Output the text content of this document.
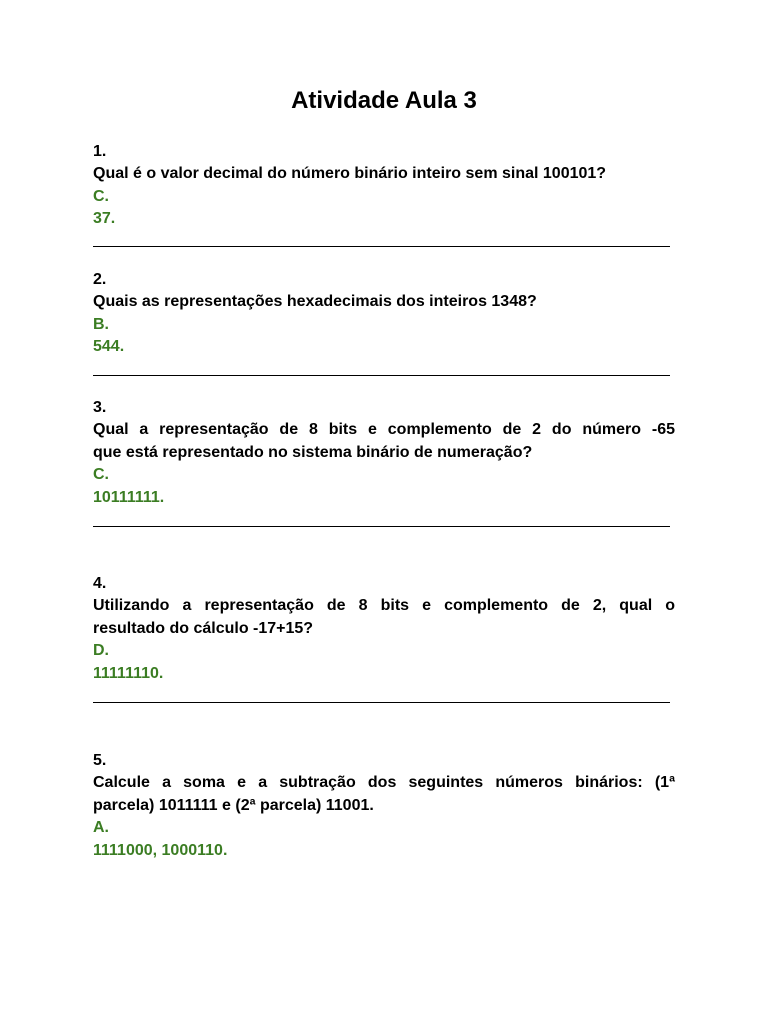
Atividade Aula 3
1.
Qual é o valor decimal do número binário inteiro sem sinal 100101?
C.
37.
2.
Quais as representações hexadecimais dos inteiros 1348?
B.
544.
3.
Qual a representação de 8 bits e complemento de 2 do número -65
que está representado no sistema binário de numeração?
C.
10111111.
4.
Utilizando a representação de 8 bits e complemento de 2, qual o
resultado do cálculo -17+15?
D.
11111110.
5.
Calcule a soma e a subtração dos seguintes números binários: (1ª
parcela) 1011111 e (2ª parcela) 11001.
A.
1111000, 1000110.
